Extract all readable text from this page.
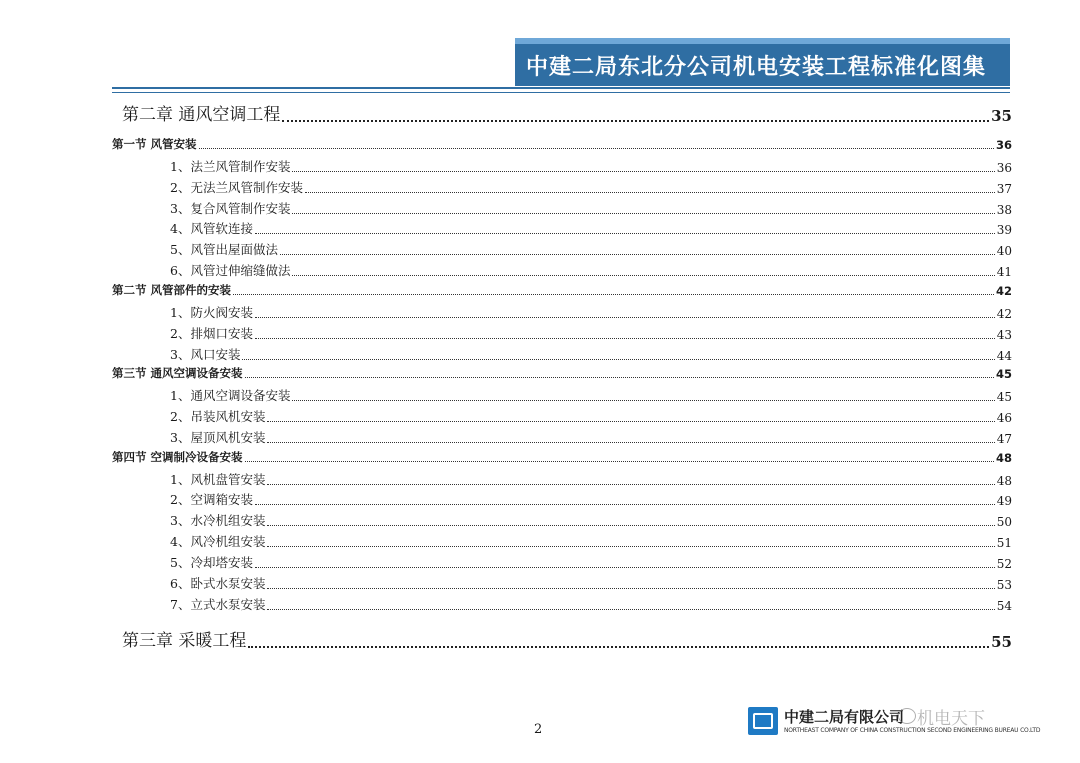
中建二局东北分公司机电安装工程标准化图集
第二章 通风空调工程	35
第一节 风管安装	36
1、法兰风管制作安装	36
2、无法兰风管制作安装	37
3、复合风管制作安装	38
4、风管软连接	39
5、风管出屋面做法	40
6、风管过伸缩缝做法	41
第二节 风管部件的安装	42
1、防火阀安装	42
2、排烟口安装	43
3、风口安装	44
第三节 通风空调设备安装	45
1、通风空调设备安装	45
2、吊装风机安装	46
3、屋顶风机安装	47
第四节 空调制冷设备安装	48
1、风机盘管安装	48
2、空调箱安装	49
3、水冷机组安装	50
4、风冷机组安装	51
5、冷却塔安装	52
6、卧式水泵安装	53
7、立式水泵安装	54
第三章 采暖工程	55
2
中建二局有限公司
NORTHEAST COMPANY OF CHINA CONSTRUCTION SECOND ENGINEERING BUREAU CO.LTD
机电天下
